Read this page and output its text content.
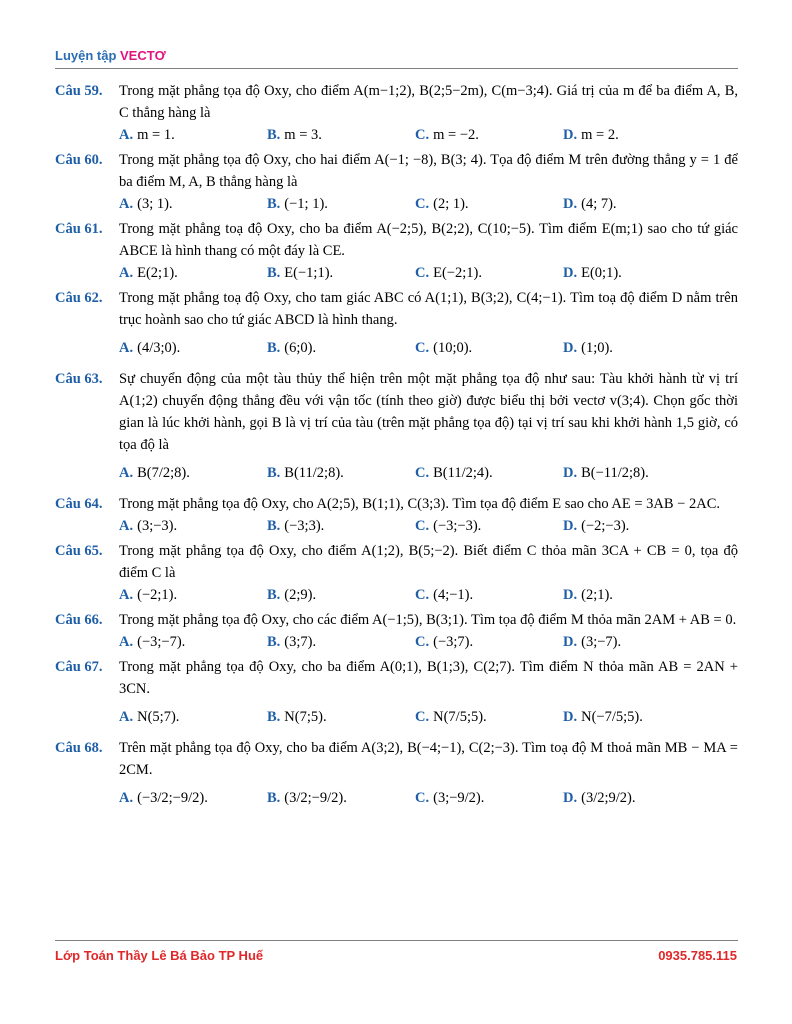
Luyện tập VECTƠ
Câu 59.	Trong mặt phẳng tọa độ Oxy, cho điểm A(m−1;2), B(2;5−2m), C(m−3;4). Giá trị của m để ba điểm A, B, C thẳng hàng là
A. m = 1.	B. m = 3.	C. m = −2.	D. m = 2.
Câu 60.	Trong mặt phẳng tọa độ Oxy, cho hai điểm A(−1; −8), B(3; 4). Tọa độ điểm M trên đường thẳng y = 1 để ba điểm M, A, B thẳng hàng là
A. (3; 1).	B. (−1; 1).	C. (2; 1).	D. (4; 7).
Câu 61.	Trong mặt phẳng toạ độ Oxy, cho ba điểm A(−2;5), B(2;2), C(10;−5). Tìm điểm E(m;1) sao cho tứ giác ABCE là hình thang có một đáy là CE.
A. E(2;1).	B. E(−1;1).	C. E(−2;1).	D. E(0;1).
Câu 62.	Trong mặt phẳng toạ độ Oxy, cho tam giác ABC có A(1;1), B(3;2), C(4;−1). Tìm toạ độ điểm D nằm trên trục hoành sao cho tứ giác ABCD là hình thang.
A. (4/3;0).	B. (6;0).	C. (10;0).	D. (1;0).
Câu 63.	Sự chuyển động của một tàu thủy thể hiện trên một mặt phẳng tọa độ như sau: Tàu khởi hành từ vị trí A(1;2) chuyển động thẳng đều với vận tốc (tính theo giờ) được biểu thị bởi vectơ v(3;4). Chọn gốc thời gian là lúc khởi hành, gọi B là vị trí của tàu (trên mặt phẳng tọa độ) tại vị trí sau khi khởi hành 1,5 giờ, có tọa độ là
A. B(7/2;8).	B. B(11/2;8).	C. B(11/2;4).	D. B(−11/2;8).
Câu 64.	Trong mặt phẳng tọa độ Oxy, cho A(2;5), B(1;1), C(3;3). Tìm tọa độ điểm E sao cho AE = 3AB − 2AC.
A. (3;−3).	B. (−3;3).	C. (−3;−3).	D. (−2;−3).
Câu 65.	Trong mặt phẳng tọa độ Oxy, cho điểm A(1;2), B(5;−2). Biết điểm C thỏa mãn 3CA + CB = 0, tọa độ điểm C là
A. (−2;1).	B. (2;9).	C. (4;−1).	D. (2;1).
Câu 66.	Trong mặt phẳng tọa độ Oxy, cho các điểm A(−1;5), B(3;1). Tìm tọa độ điểm M thỏa mãn 2AM + AB = 0.
A. (−3;−7).	B. (3;7).	C. (−3;7).	D. (3;−7).
Câu 67.	Trong mặt phẳng tọa độ Oxy, cho ba điểm A(0;1), B(1;3), C(2;7). Tìm điểm N thỏa mãn AB = 2AN + 3CN.
A. N(5;7).	B. N(7;5).	C. N(7/5;5).	D. N(−7/5;5).
Câu 68.	Trên mặt phẳng tọa độ Oxy, cho ba điểm A(3;2), B(−4;−1), C(2;−3). Tìm toạ độ M thoả mãn MB − MA = 2CM.
A. (−3/2;−9/2).	B. (3/2;−9/2).	C. (3;−9/2).	D. (3/2;9/2).
Lớp Toán Thầy Lê Bá Bảo TP Huế	0935.785.115
